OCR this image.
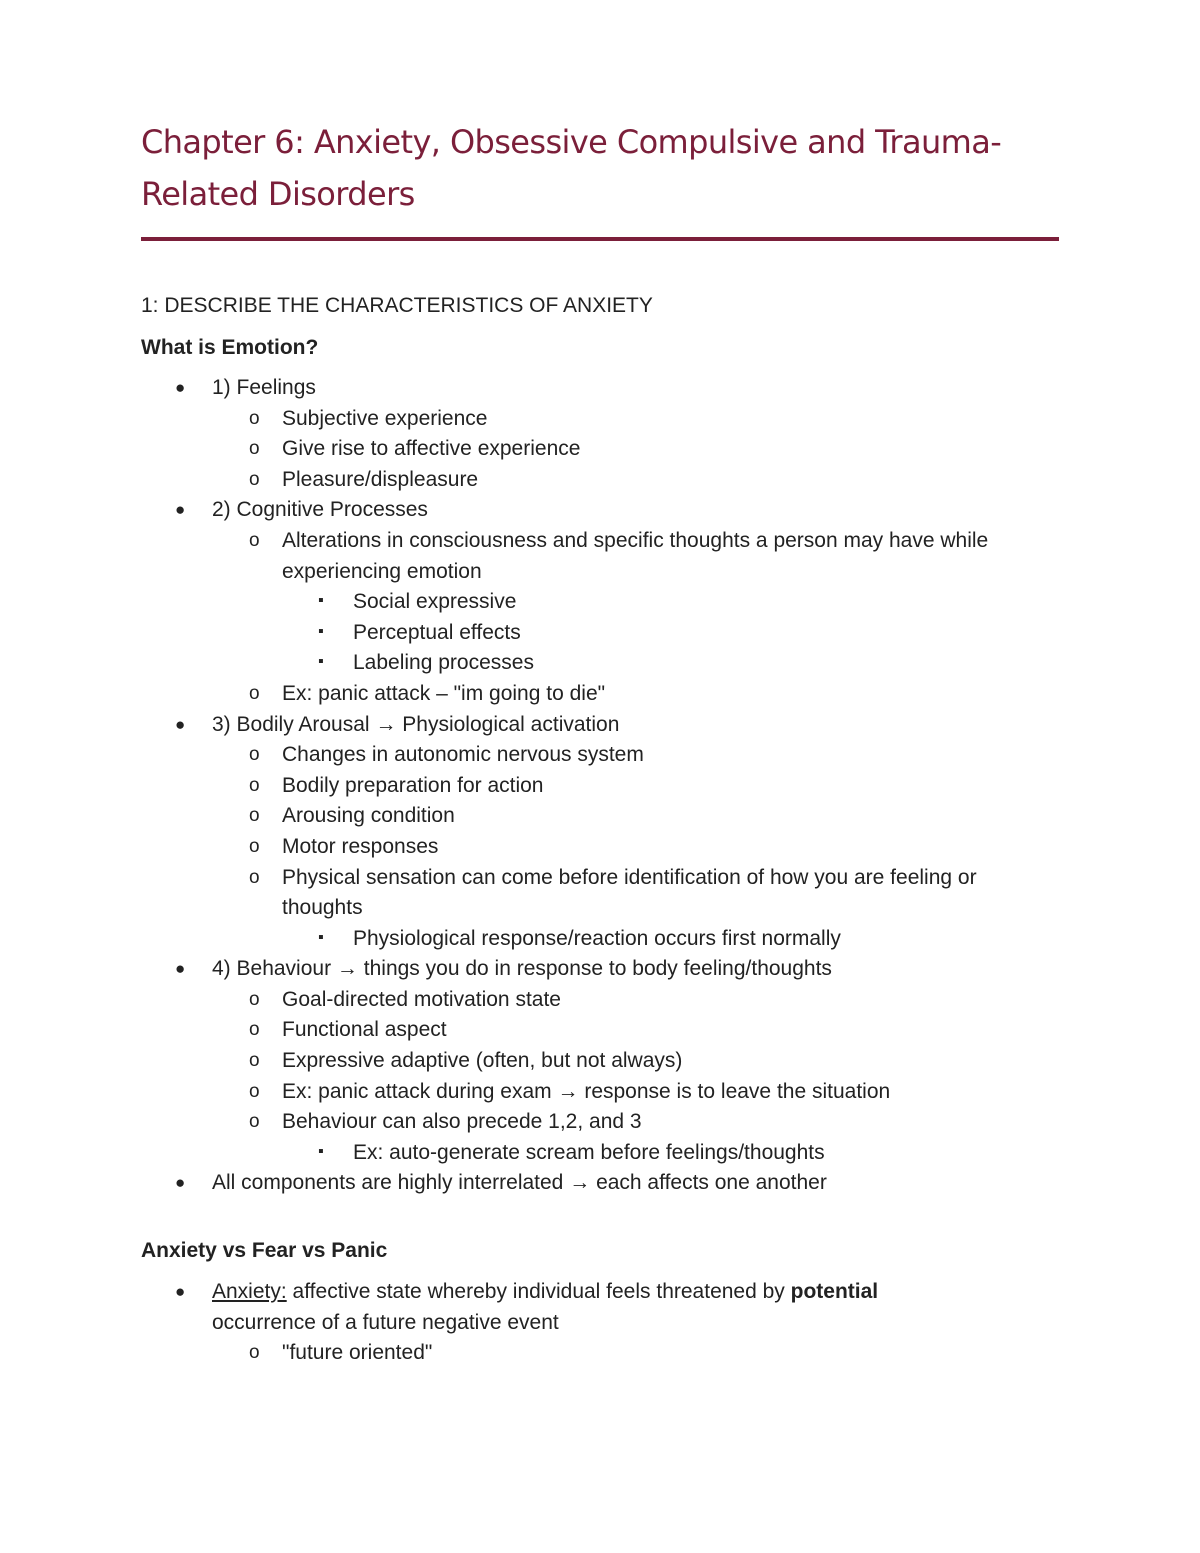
Chapter 6: Anxiety, Obsessive Compulsive and Trauma-Related Disorders
1: DESCRIBE THE CHARACTERISTICS OF ANXIETY
What is Emotion?
● 1) Feelings
o Subjective experience
o Give rise to affective experience
o Pleasure/displeasure
● 2) Cognitive Processes
o Alterations in consciousness and specific thoughts a person may have while experiencing emotion
▪ Social expressive
▪ Perceptual effects
▪ Labeling processes
o Ex: panic attack – "im going to die"
● 3) Bodily Arousal → Physiological activation
o Changes in autonomic nervous system
o Bodily preparation for action
o Arousing condition
o Motor responses
o Physical sensation can come before identification of how you are feeling or thoughts
▪ Physiological response/reaction occurs first normally
● 4) Behaviour → things you do in response to body feeling/thoughts
o Goal-directed motivation state
o Functional aspect
o Expressive adaptive (often, but not always)
o Ex: panic attack during exam → response is to leave the situation
o Behaviour can also precede 1,2, and 3
▪ Ex: auto-generate scream before feelings/thoughts
● All components are highly interrelated → each affects one another
Anxiety vs Fear vs Panic
● Anxiety: affective state whereby individual feels threatened by potential occurrence of a future negative event
o "future oriented"
